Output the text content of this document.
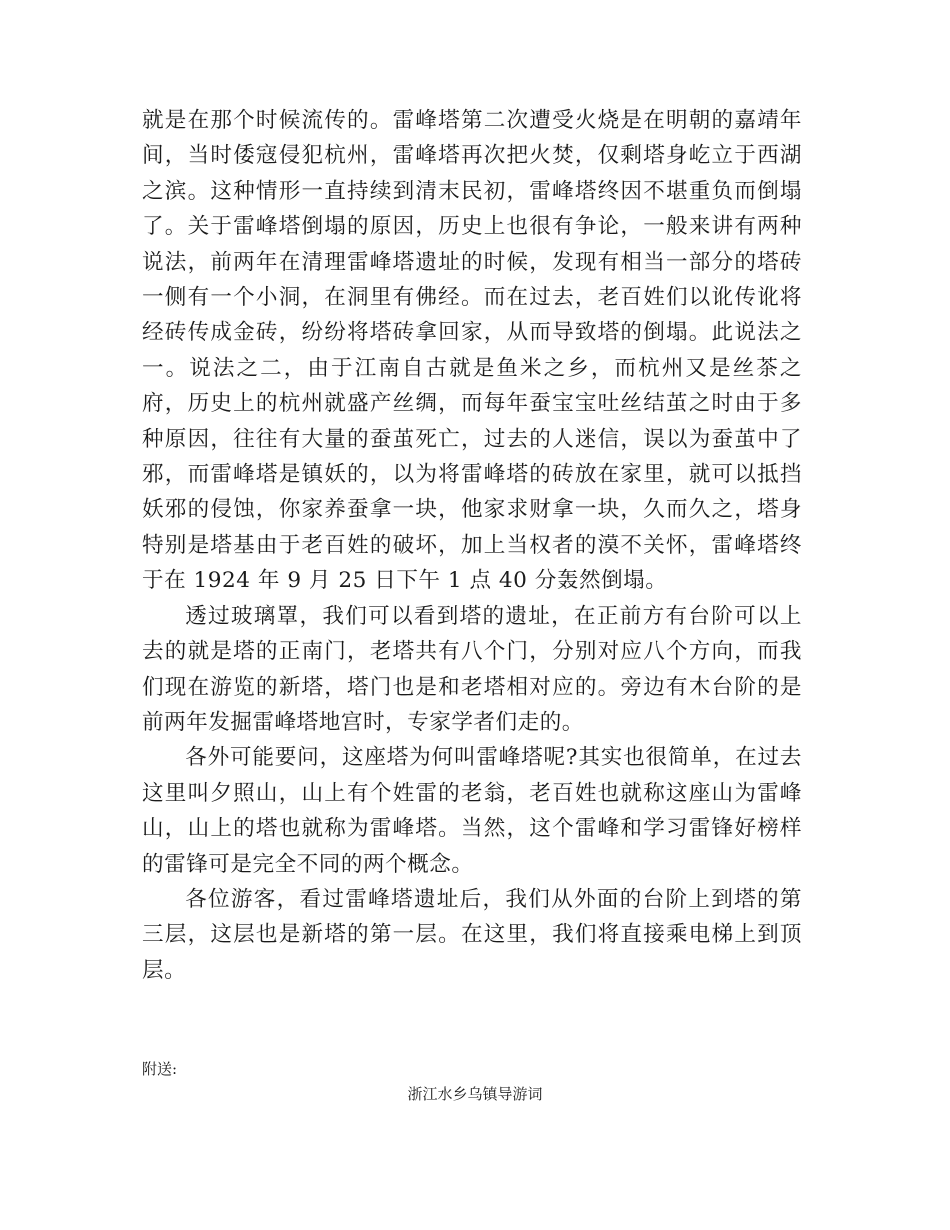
就是在那个时候流传的。雷峰塔第二次遭受火烧是在明朝的嘉靖年间，当时倭寇侵犯杭州，雷峰塔再次把火焚，仅剩塔身屹立于西湖之滨。这种情形一直持续到清末民初，雷峰塔终因不堪重负而倒塌了。关于雷峰塔倒塌的原因，历史上也很有争论，一般来讲有两种说法，前两年在清理雷峰塔遗址的时候，发现有相当一部分的塔砖一侧有一个小洞，在洞里有佛经。而在过去，老百姓们以讹传讹将经砖传成金砖，纷纷将塔砖拿回家，从而导致塔的倒塌。此说法之一。说法之二，由于江南自古就是鱼米之乡，而杭州又是丝茶之府，历史上的杭州就盛产丝绸，而每年蚕宝宝吐丝结茧之时由于多种原因，往往有大量的蚕茧死亡，过去的人迷信，误以为蚕茧中了邪，而雷峰塔是镇妖的，以为将雷峰塔的砖放在家里，就可以抵挡妖邪的侵蚀，你家养蚕拿一块，他家求财拿一块，久而久之，塔身特别是塔基由于老百姓的破坏，加上当权者的漠不关怀，雷峰塔终于在 1924 年 9 月 25 日下午 1 点 40 分轰然倒塌。

透过玻璃罩，我们可以看到塔的遗址，在正前方有台阶可以上去的就是塔的正南门，老塔共有八个门，分别对应八个方向，而我们现在游览的新塔，塔门也是和老塔相对应的。旁边有木台阶的是前两年发掘雷峰塔地宫时，专家学者们走的。

各外可能要问，这座塔为何叫雷峰塔呢?其实也很简单，在过去这里叫夕照山，山上有个姓雷的老翁，老百姓也就称这座山为雷峰山，山上的塔也就称为雷峰塔。当然，这个雷峰和学习雷锋好榜样的雷锋可是完全不同的两个概念。

各位游客，看过雷峰塔遗址后，我们从外面的台阶上到塔的第三层，这层也是新塔的第一层。在这里，我们将直接乘电梯上到顶层。

附送:
浙江水乡乌镇导游词
